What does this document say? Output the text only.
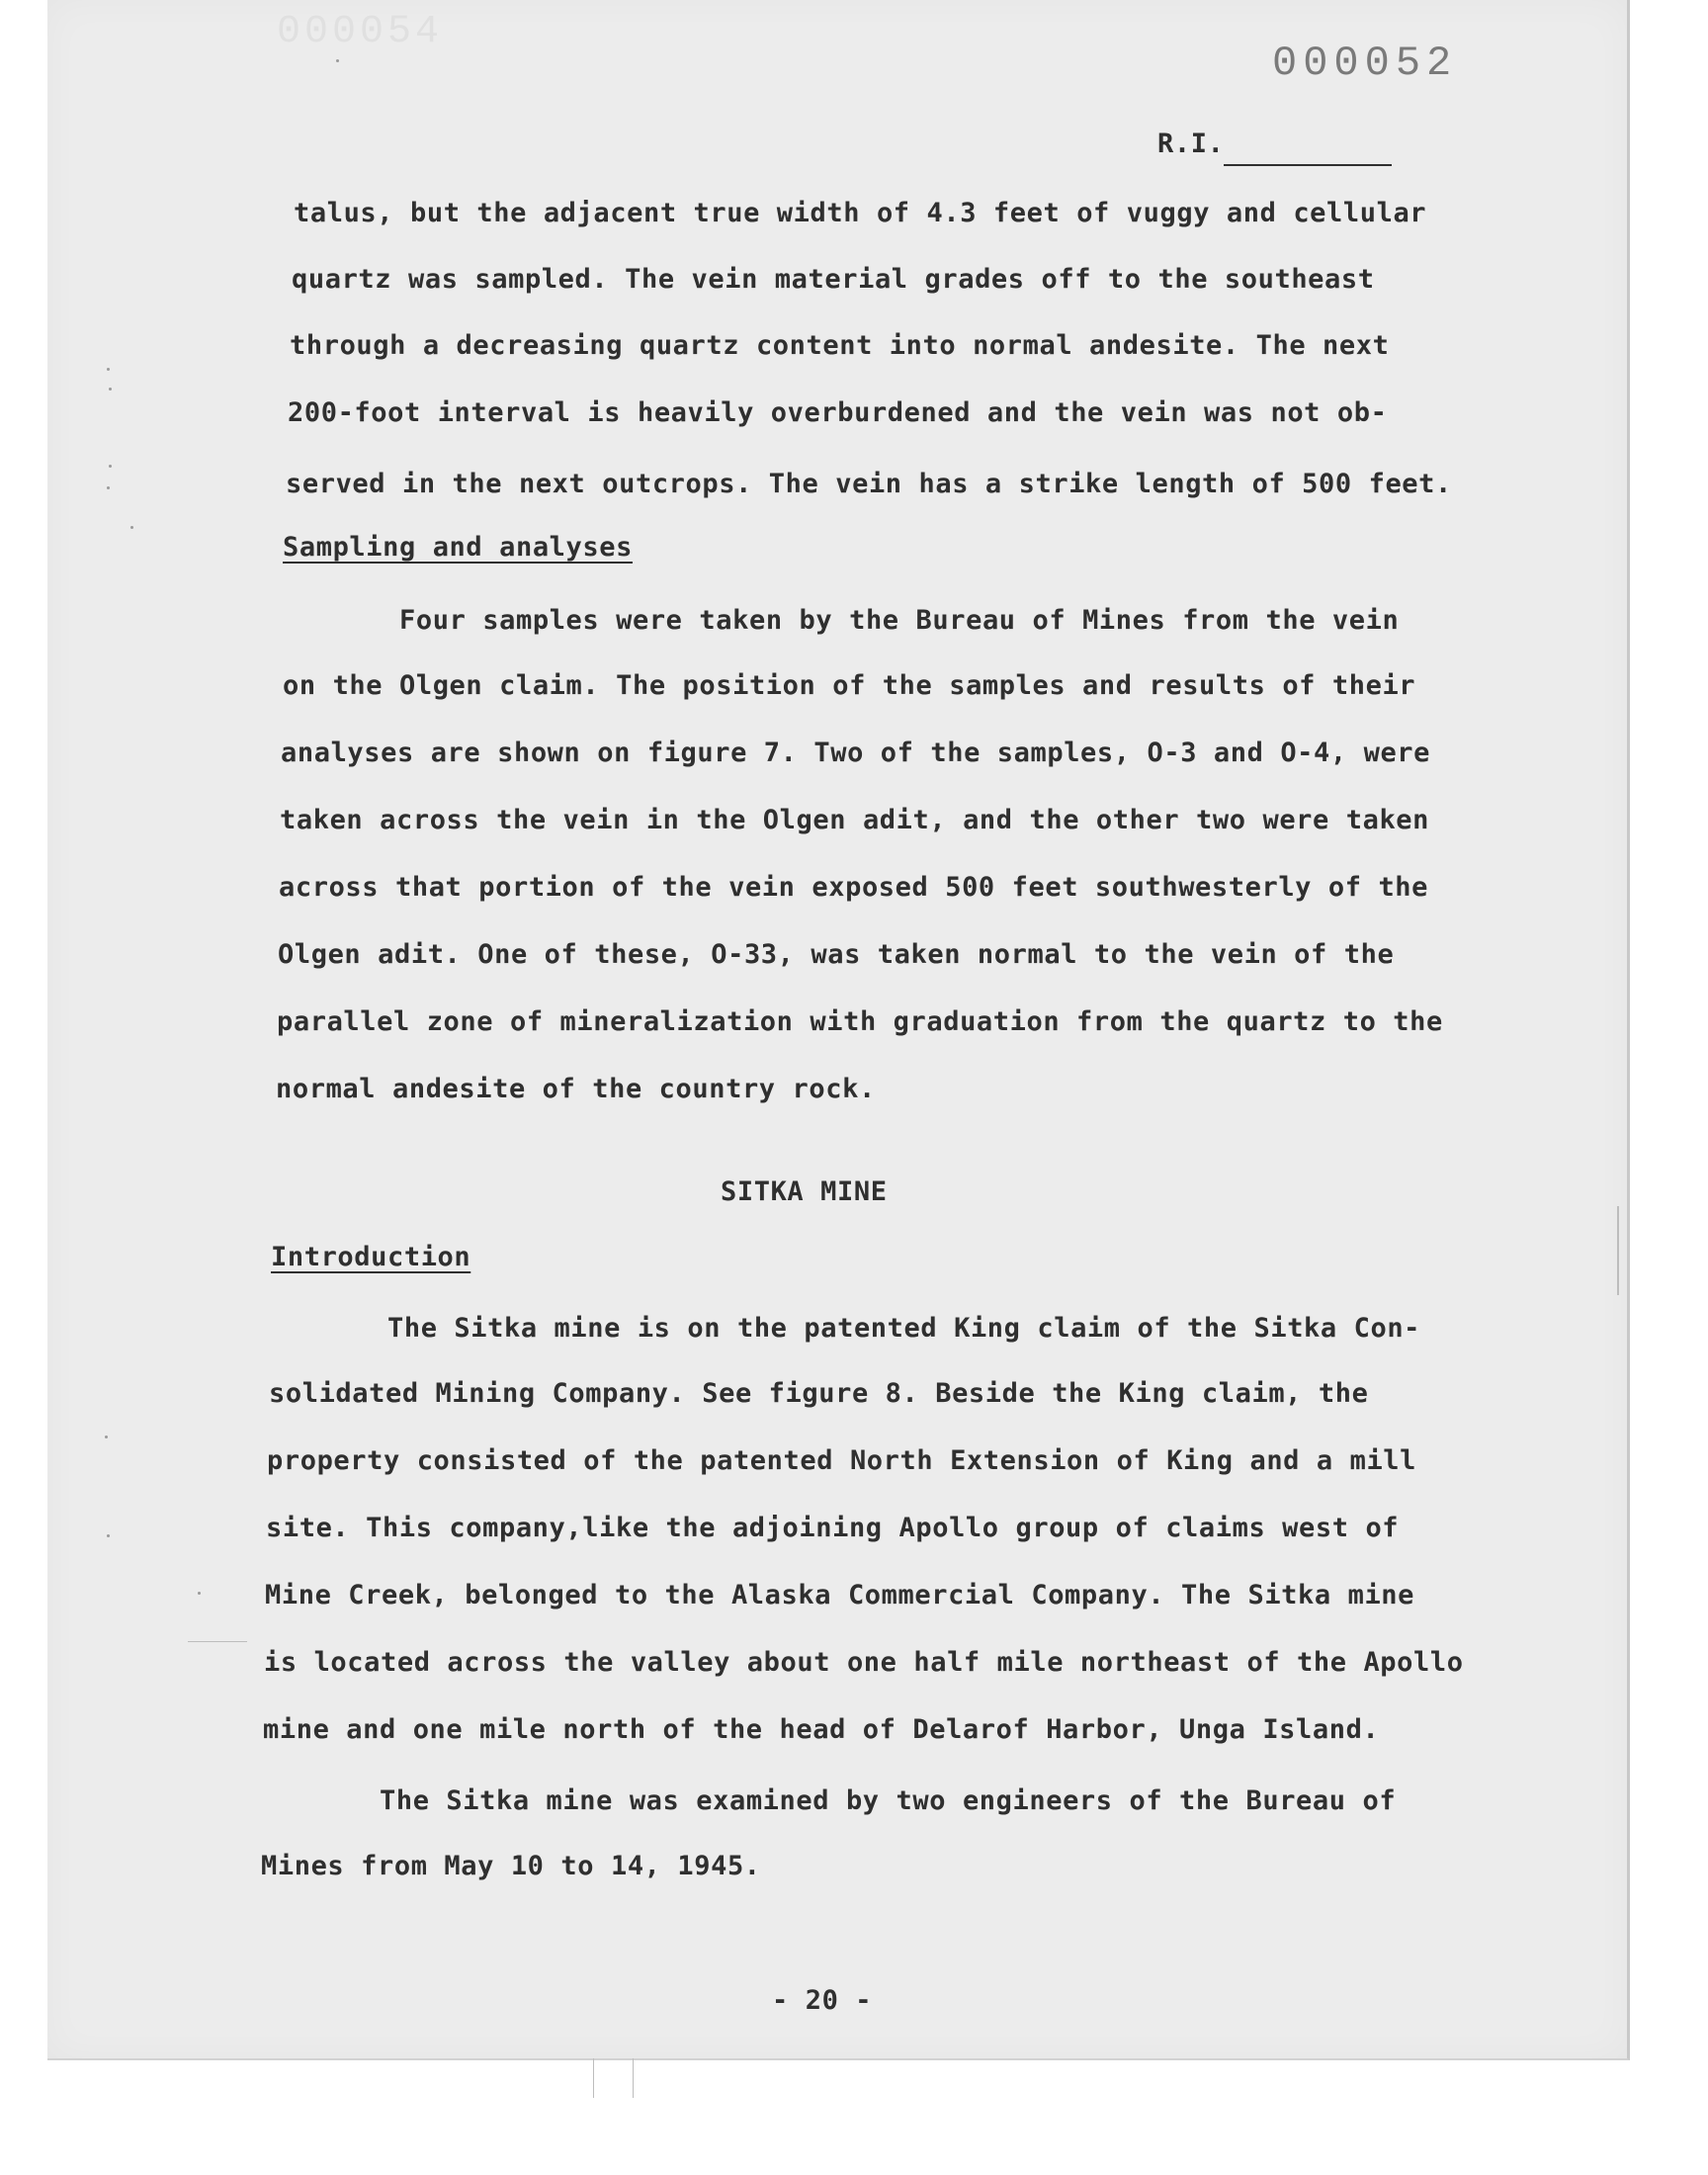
000054
000052
R.I.
talus, but the adjacent true width of 4.3 feet of vuggy and cellular
quartz was sampled. The vein material grades off to the southeast
through a decreasing quartz content into normal andesite. The next
200-foot interval is heavily overburdened and the vein was not ob-
served in the next outcrops. The vein has a strike length of 500 feet.
Sampling and analyses
Four samples were taken by the Bureau of Mines from the vein
on the Olgen claim. The position of the samples and results of their
analyses are shown on figure 7. Two of the samples, O-3 and O-4, were
taken across the vein in the Olgen adit, and the other two were taken
across that portion of the vein exposed 500 feet southwesterly of the
Olgen adit. One of these, O-33, was taken normal to the vein of the
parallel zone of mineralization with graduation from the quartz to the
normal andesite of the country rock.
SITKA MINE
Introduction
The Sitka mine is on the patented King claim of the Sitka Con-
solidated Mining Company. See figure 8. Beside the King claim, the
property consisted of the patented North Extension of King and a mill
site. This company,like the adjoining Apollo group of claims west of
Mine Creek, belonged to the Alaska Commercial Company. The Sitka mine
is located across the valley about one half mile northeast of the Apollo
mine and one mile north of the head of Delarof Harbor, Unga Island.
The Sitka mine was examined by two engineers of the Bureau of
Mines from May 10 to 14, 1945.
- 20 -
